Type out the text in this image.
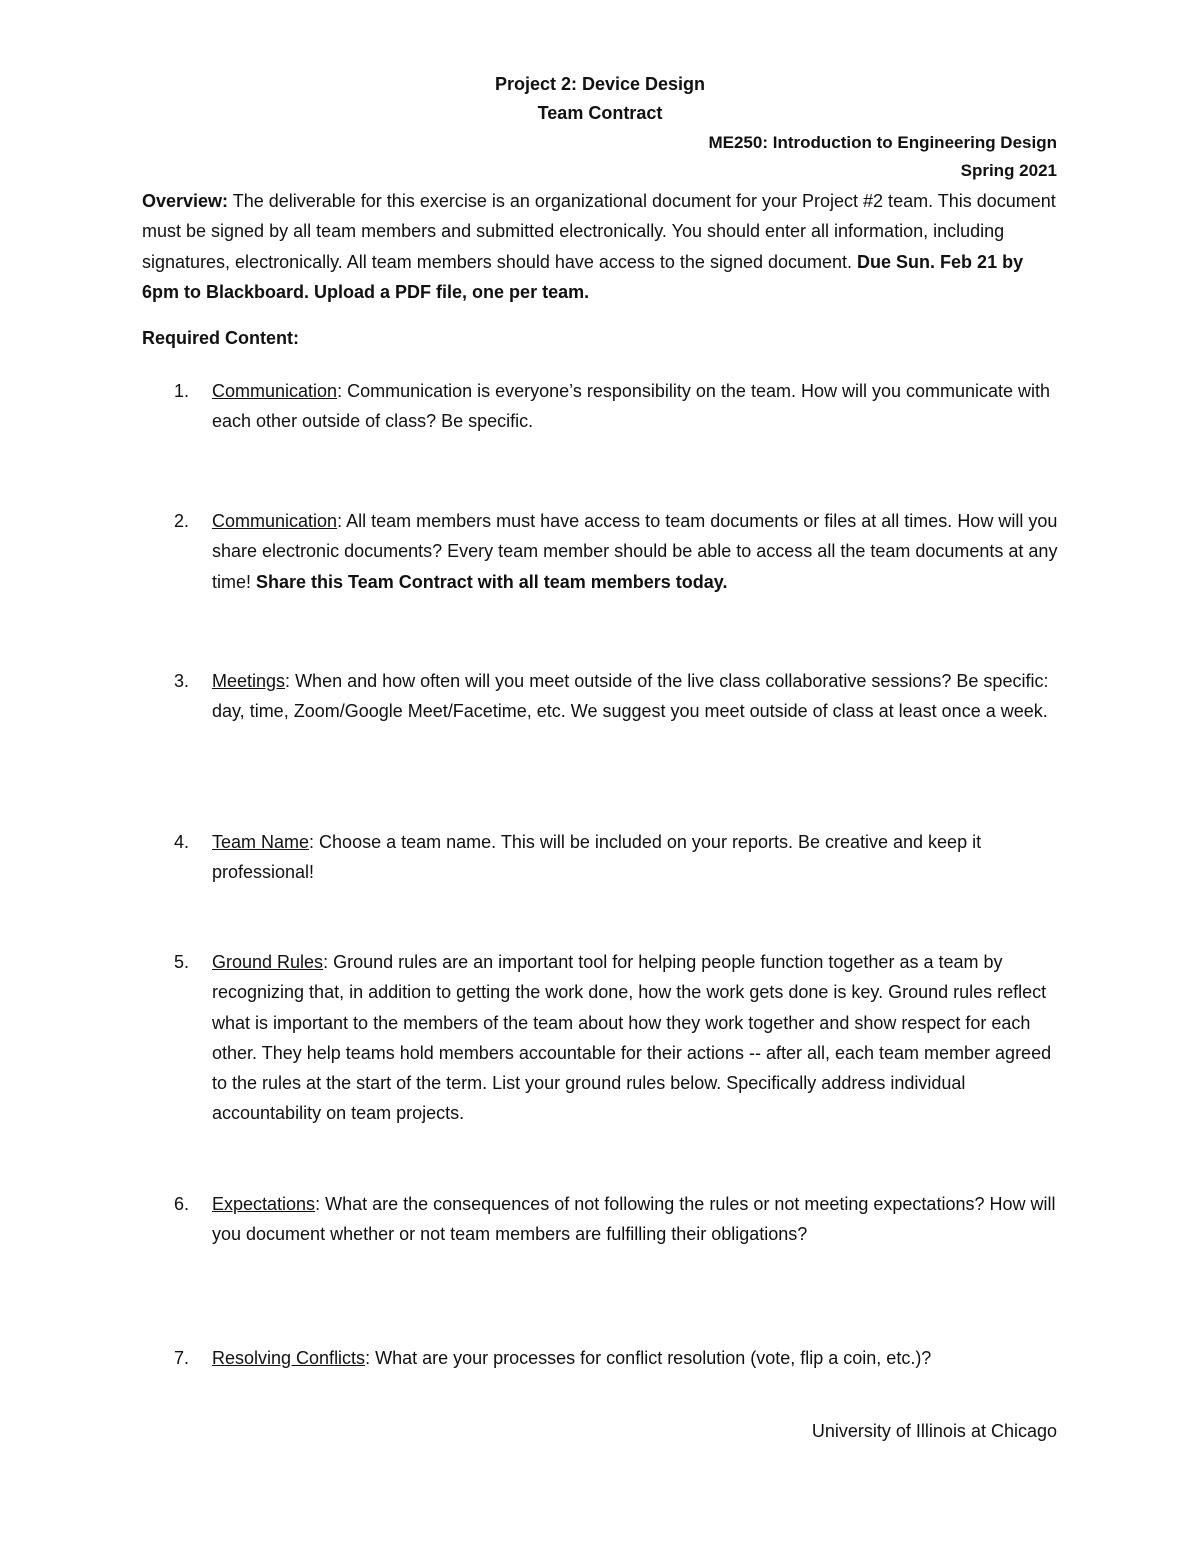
Project 2: Device Design
Team Contract
ME250: Introduction to Engineering Design
Spring 2021
Overview: The deliverable for this exercise is an organizational document for your Project #2 team. This document must be signed by all team members and submitted electronically. You should enter all information, including signatures, electronically. All team members should have access to the signed document. Due Sun. Feb 21 by 6pm to Blackboard. Upload a PDF file, one per team.
Required Content:
1.	Communication: Communication is everyone’s responsibility on the team. How will you communicate with each other outside of class? Be specific.
2.	Communication: All team members must have access to team documents or files at all times. How will you share electronic documents? Every team member should be able to access all the team documents at any time! Share this Team Contract with all team members today.
3.	Meetings: When and how often will you meet outside of the live class collaborative sessions? Be specific: day, time, Zoom/Google Meet/Facetime, etc. We suggest you meet outside of class at least once a week.
4.	Team Name: Choose a team name. This will be included on your reports. Be creative and keep it professional!
5.	Ground Rules: Ground rules are an important tool for helping people function together as a team by recognizing that, in addition to getting the work done, how the work gets done is key. Ground rules reflect what is important to the members of the team about how they work together and show respect for each other. They help teams hold members accountable for their actions -- after all, each team member agreed to the rules at the start of the term. List your ground rules below. Specifically address individual accountability on team projects.
6.	Expectations: What are the consequences of not following the rules or not meeting expectations? How will you document whether or not team members are fulfilling their obligations?
7.	Resolving Conflicts: What are your processes for conflict resolution (vote, flip a coin, etc.)?
University of Illinois at Chicago
